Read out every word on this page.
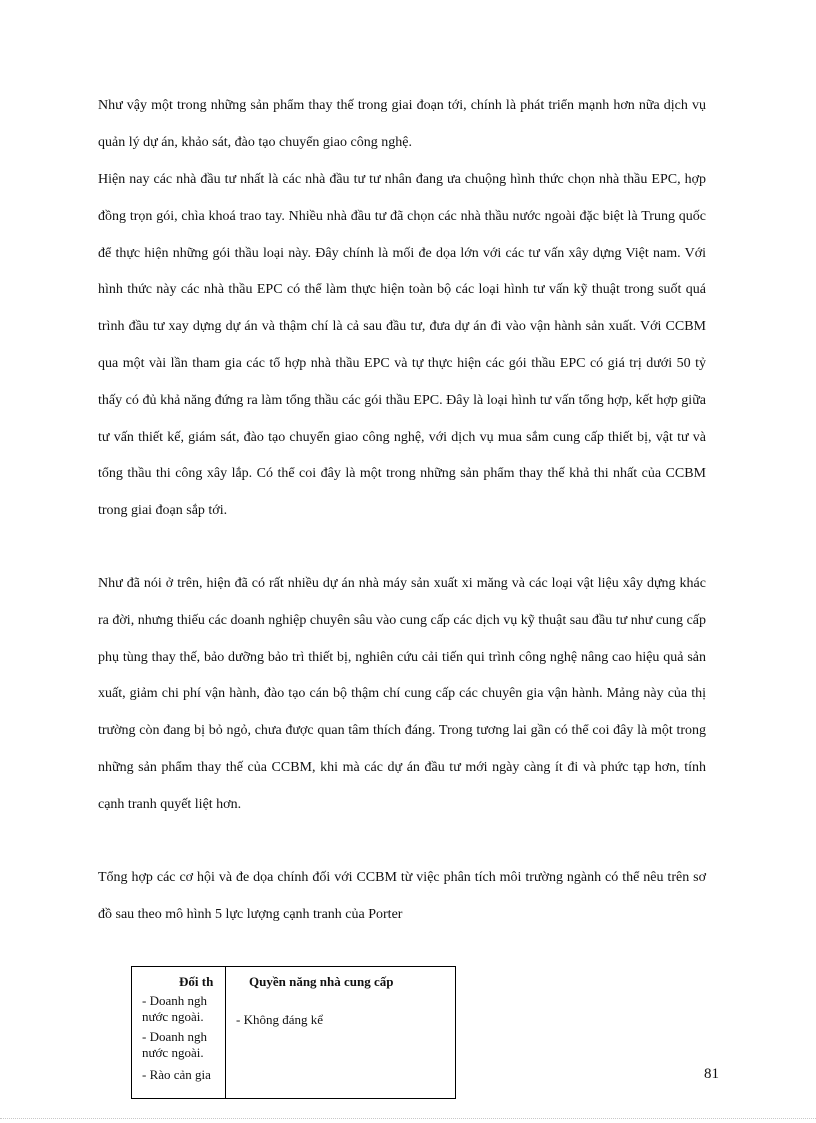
Như vậy một trong những sản phẩm thay thế trong giai đoạn tới, chính là phát triển mạnh hơn nữa dịch vụ quản lý dự án, khảo sát, đào tạo chuyển giao công nghệ.

Hiện nay các nhà đầu tư nhất là các nhà đầu tư tư nhân đang ưa chuộng hình thức chọn nhà thầu EPC, hợp đồng trọn gói, chìa khoá trao tay. Nhiều nhà đầu tư đã chọn các nhà thầu nước ngoài đặc biệt là Trung quốc để thực hiện những gói thầu loại này. Đây chính là mối đe dọa lớn với các tư vấn xây dựng Việt nam. Với hình thức này các nhà thầu EPC có thể làm thực hiện toàn bộ các loại hình tư vấn kỹ thuật trong suốt quá trình đầu tư xay dựng dự án và thậm chí là cả sau đầu tư, đưa dự án đi vào vận hành sản xuất. Với CCBM qua một vài lần tham gia các tổ hợp nhà thầu EPC và tự thực hiện các gói thầu EPC có giá trị dưới 50 tỷ thấy có đủ khả năng đứng ra làm tổng thầu các gói thầu EPC. Đây là loại hình tư vấn tổng hợp, kết hợp giữa tư vấn thiết kế, giám sát, đào tạo chuyển giao công nghệ, với dịch vụ mua sắm cung cấp thiết bị, vật tư và tổng thầu thi công xây lắp. Có thể coi đây là một trong những sản phẩm thay thế khả thi nhất của CCBM trong giai đoạn sắp tới.

Như đã nói ở trên, hiện đã có rất nhiều dự án nhà máy sản xuất xi măng và các loại vật liệu xây dựng khác ra đời, nhưng thiếu các doanh nghiệp chuyên sâu vào cung cấp các dịch vụ kỹ thuật sau đầu tư như cung cấp phụ tùng thay thế, bảo dưỡng bảo trì thiết bị, nghiên cứu cải tiến qui trình công nghệ nâng cao hiệu quả sản xuất, giảm chi phí vận hành, đào tạo cán bộ thậm chí cung cấp các chuyên gia vận hành. Mảng này của thị trường còn đang bị bỏ ngỏ, chưa được quan tâm thích đáng. Trong tương lai gần có thể coi đây là một trong những sản phẩm thay thế của CCBM, khi mà các dự án đầu tư mới ngày càng ít đi và phức tạp hơn, tính cạnh tranh quyết liệt hơn.

Tổng hợp các cơ hội và đe dọa chính đối với CCBM từ việc phân tích môi trường ngành có thể nêu trên sơ đồ sau theo mô hình 5 lực lượng cạnh tranh của Porter

Đối th
- Doanh ngh
nước ngoài.
- Doanh ngh
nước ngoài.
- Rào cản gia
Quyền năng nhà cung cấp
- Không đáng kể
81
